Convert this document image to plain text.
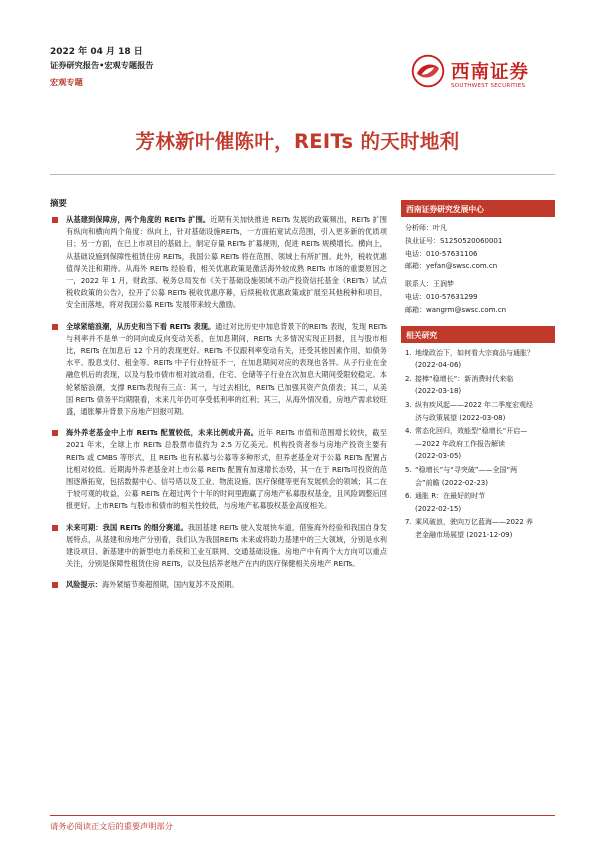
2022 年 04 月 18 日
证券研究报告•宏观专题报告
宏观专题	西南证券
SOUTHWEST SECURITIES
芳林新叶催陈叶，REITs 的天时地利
摘要
从基建到保障房，两个角度的 REITs 扩围。近期有关加快推进 REITs 发展的政策频出，REITs 扩围有纵向和横向两个角度：纵向上，针对基础设施REITs，一方面拓宽试点范围，引入更多新的优质项目；另一方面，在已上市项目的基础上，制定存量 REITs 扩募规则，促进 REITs 规模增长。横向上，从基础设施到保障性租赁住房 REITs，我国公募 REITs 将在范围、领域上有所扩围。此外，税收优惠值得关注和期待。从海外 REITs 经验看，相关优惠政策是激活海外较成熟 REITs 市场的重要原因之一，2022 年 1 月，财政部、税务总局发布《关于基础设施领域不动产投资信托基金（REITs）试点税收政策的公告》，拉开了公募 REITs 税收优惠序幕，后续税收优惠政策或扩展至其他税种和项目，安全而落地，将对我国公募 REITs 发展带来较大激励。
全球紧缩浪潮，从历史和当下看 REITs 表现。通过对比历史中加息背景下的REITs 表现，发现 REITs 与利率并不是单一的同向或反向变动关系，在加息期间，REITs 大多情况实现正回报，且与股市相比，REITs 在加息后 12 个月的表现更好。REITs 不仅跟利率变动有关，还受其他因素作用，如债务水平、股息支付、租金等。REITs 中子行业特征不一，在加息期间对应的表现也各异。从子行业在金融危机后的表现，以及与股市债市相对波动看，住宅、仓储等子行业在次加息大期间受限较稳定。本轮紧缩浪潮，支撑 REITs表现有三点：其一，与过去相比，REITs 已加强其资产负债表；其二，从美国 REITs 债务平均期限看，未来几年仍可享受低利率的红利；其三，从海外情况看，房地产需求较旺盛，通胀攀升背景下房地产回报可期。
海外养老基金中上市 REITs 配置较低，未来比例或升高。近年 REITs 市值和范围增长较快，截至 2021 年末，全球上市 REITs 总股票市值约为 2.5 万亿美元。机构投资者参与房地产投资主要有 REITs 或 CMBS 等形式，且 REITs 也有私募与公募等多种形式，但养老基金对于公募 REITs 配置占比相对较低。近期海外养老基金对上市公募 REITs 配置有加速增长态势，其一在于 REITs可投资的范围逐渐拓宽，包括数据中心、信号塔以及工业、物流设施、医疗保健等更有发展机会的领域；其二在于较可观的收益，公募 REITs 在超过两个十年的时间里跑赢了房地产私募股权基金，且风险调整后回报更好。上市REITs 与股市和债市的相关性较低，与房地产私募股权基金高度相关。
未来可期：我国 REITs 的细分赛道。我国基建 REITs 驶入发展快车道，借鉴海外经验和我国自身发展特点，从基建和房地产分别看，我们认为我国REITs 未来或将助力基建中的三大领域，分别是水利建设项目、新基建中的新型电力系统和工业互联网、交通基础设施。房地产中有两个大方向可以重点关注，分别是保障性租赁住房 REITs，以及包括养老地产在内的医疗保健相关房地产 REITs。
风险提示：海外紧缩节奏超预期，国内复苏不及预期。
西南证券研究发展中心
分析师：叶凡
执业证号：S1250520060001
电话：010-57631106
邮箱：yefan@swsc.com.cn
联系人：王润梦
电话：010-57631299
邮箱：wangrm@swsc.com.cn
相关研究
1. 地缘政治下，如何看大宗商品与通胀？
(2022-04-06)
2. 接棒“稳增长”：新消费时代来临
(2022-03-18)
3. 纵有疾风起——2022 年二季度宏观经
济与政策展望 (2022-03-08)
4. 常态化回归，效能型“稳增长”开启—
—2022 年政府工作报告解读
(2022-03-05)
5. “稳增长”与“寻突破”——全国“两
会”前瞻 (2022-02-23)
6. 通胀 R：在最好的时节
(2022-02-15)
7. 乘风破浪，驶向万亿蓝海——2022 养
老金融市场展望 (2021-12-09)
请务必阅读正文后的重要声明部分
